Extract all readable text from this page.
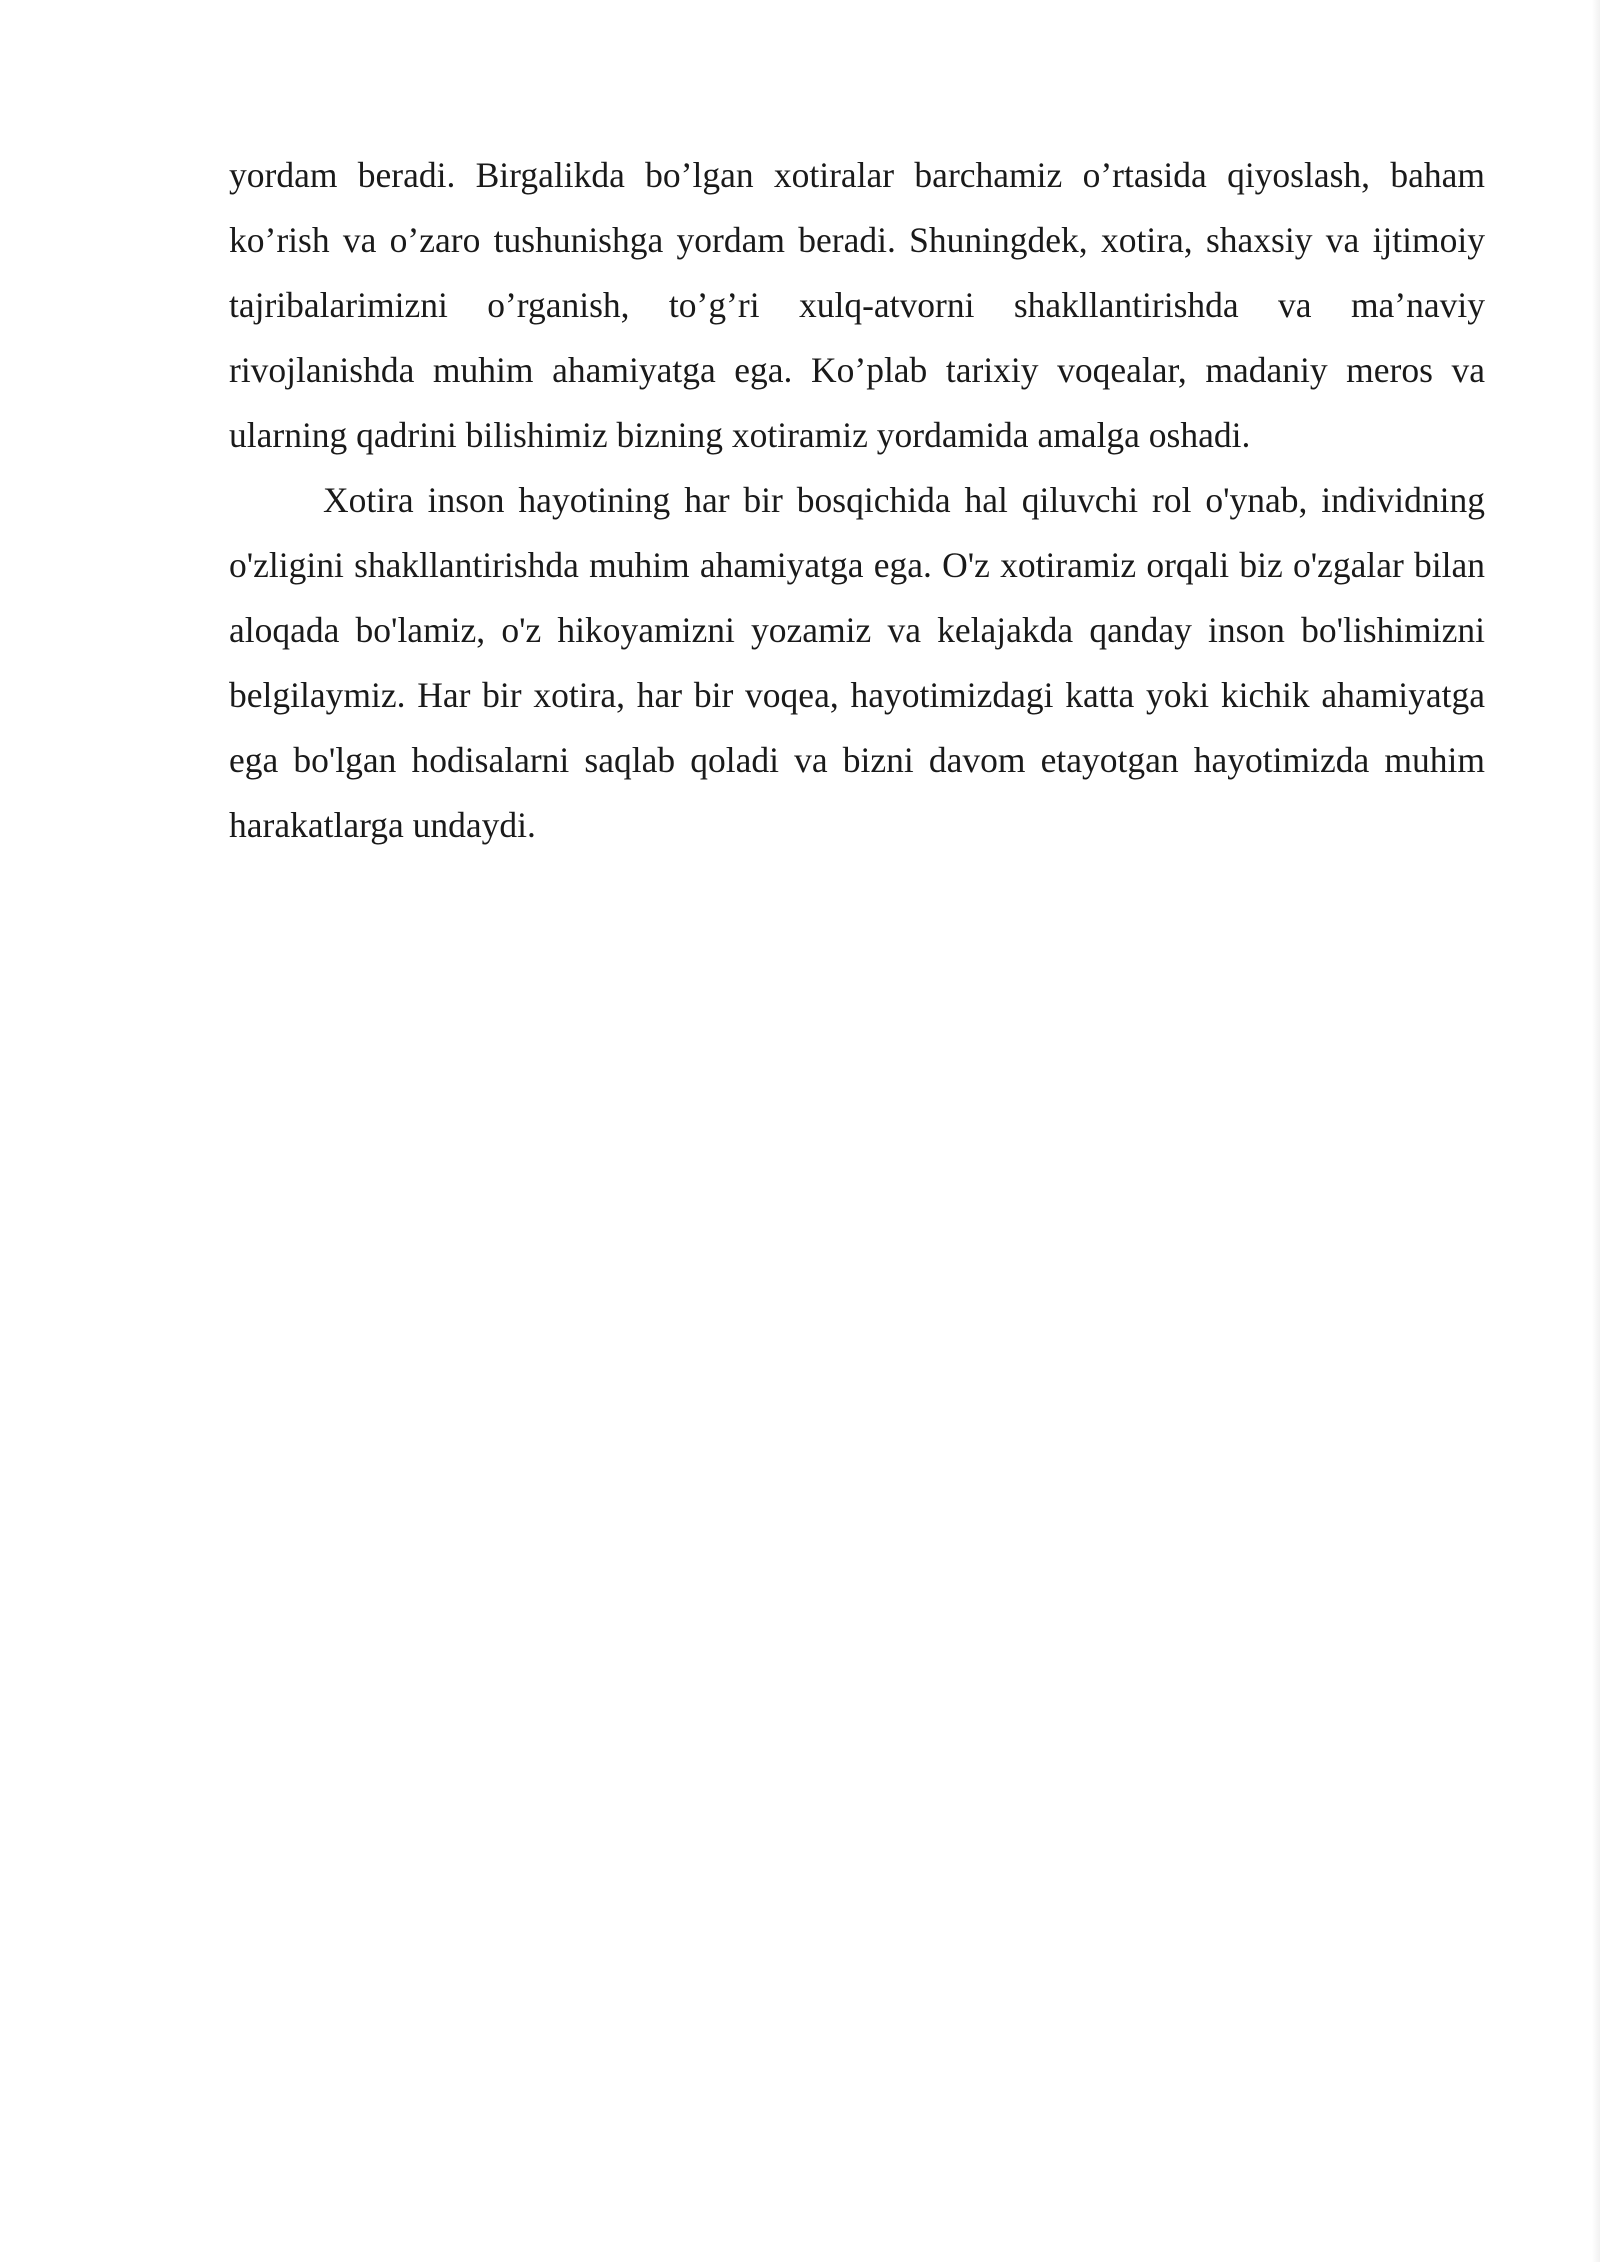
yordam beradi. Birgalikda bo’lgan xotiralar barchamiz o’rtasida qiyoslash, baham ko’rish va o’zaro tushunishga yordam beradi. Shuningdek, xotira, shaxsiy va ijtimoiy tajribalarimizni o’rganish, to’g’ri xulq-atvorni shakllantirishda va ma’naviy rivojlanishda muhim ahamiyatga ega. Ko’plab tarixiy voqealar, madaniy meros va ularning qadrini bilishimiz bizning xotiramiz yordamida amalga oshadi.

Xotira inson hayotining har bir bosqichida hal qiluvchi rol o'ynab, individning o'zligini shakllantirishda muhim ahamiyatga ega. O'z xotiramiz orqali biz o'zgalar bilan aloqada bo'lamiz, o'z hikoyamizni yozamiz va kelajakda qanday inson bo'lishimizni belgilaymiz. Har bir xotira, har bir voqea, hayotimizdagi katta yoki kichik ahamiyatga ega bo'lgan hodisalarni saqlab qoladi va bizni davom etayotgan hayotimizda muhim harakatlarga undaydi.
